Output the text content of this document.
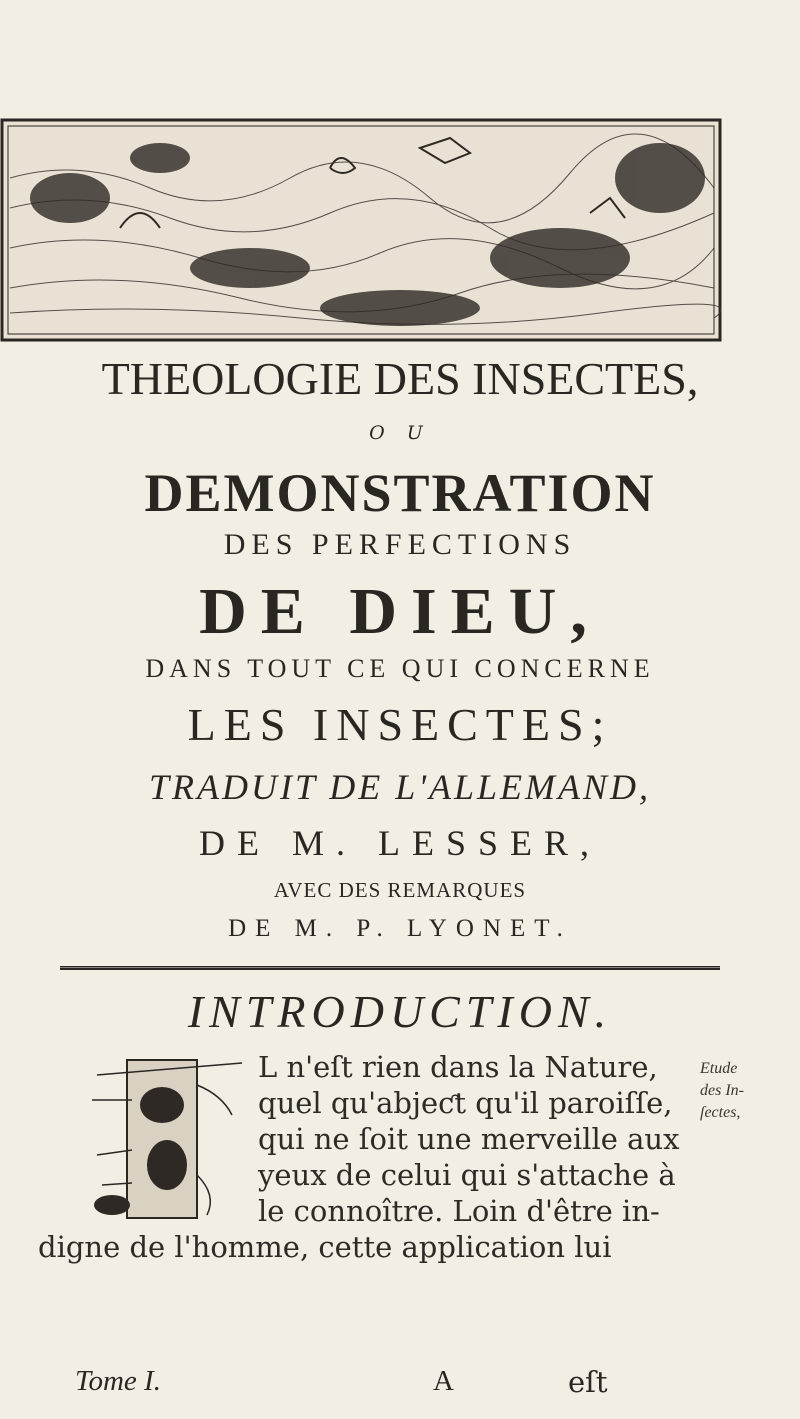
THEOLOGIE DES INSECTES,
O U
DEMONSTRATION
DES PERFECTIONS
DE DIEU,
DANS TOUT CE QUI CONCERNE
LES INSECTES;
TRADUIT DE L'ALLEMAND,
DE M. LESSER,
AVEC DES REMARQUES
DE M. P. LYONET.
INTRODUCTION.
L n'eſt rien dans la Nature,
quel qu'abjeƈt qu'il paroiſſe,
qui ne ſoit une merveille aux
yeux de celui qui s'attache à
le connoître. Loin d'être in-
digne de l'homme, cette application lui
Etude
des In-
ſectes,
Tome I.	A	eſt
